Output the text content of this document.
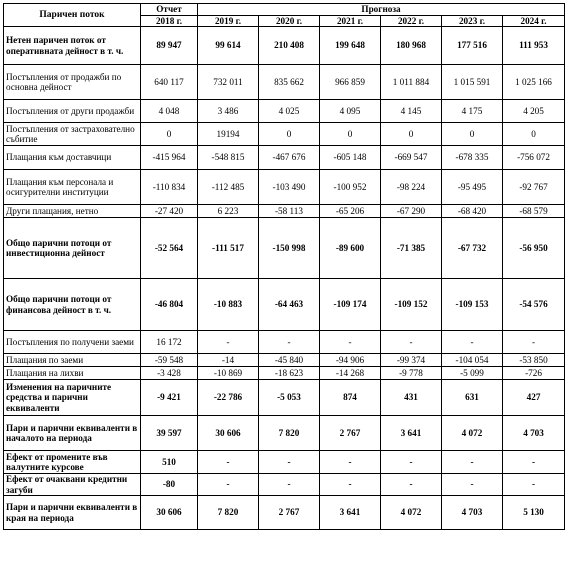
Паричен поток	Отчет	Прогноза					
	2018 г.	2019 г.	2020 г.	2021 г.	2022 г.	2023 г.	2024 г.
Нетен паричен поток от оперативната дейност в т. ч.	89 947	99 614	210 408	199 648	180 968	177 516	111 953
Постъпления от продажби по основна дейност	640 117	732 011	835 662	966 859	1 011 884	1 015 591	1 025 166
Постъпления от други продажби	4 048	3 486	4 025	4 095	4 145	4 175	4 205
Постъпления от застрахователно събитие	0	19194	0	0	0	0	0
Плащания към доставчици	-415 964	-548 815	-467 676	-605 148	-669 547	-678 335	-756 072
Плащания към персонала и осигурителни институции	-110 834	-112 485	-103 490	-100 952	-98 224	-95 495	-92 767
Други плащания, нетно	-27 420	6 223	-58 113	-65 206	-67 290	-68 420	-68 579
Общо парични потоци от инвестиционна дейност	-52 564	-111 517	-150 998	-89 600	-71 385	-67 732	-56 950
Общо парични потоци от финансова дейност в т. ч.	-46 804	-10 883	-64 463	-109 174	-109 152	-109 153	-54 576
Постъпления по получени заеми	16 172	-	-	-	-	-	-
Плащания по заеми	-59 548	-14	-45 840	-94 906	-99 374	-104 054	-53 850
Плащания на лихви	-3 428	-10 869	-18 623	-14 268	-9 778	-5 099	-726
Изменения на паричните средства и парични еквиваленти	-9 421	-22 786	-5 053	874	431	631	427
Пари и парични еквиваленти в началото на периода	39 597	30 606	7 820	2 767	3 641	4 072	4 703
Ефект от промените във валутните курсове	510	-	-	-	-	-	-
Ефект от очаквани кредитни загуби	-80	-	-	-	-	-	-
Пари и парични еквиваленти в края на периода	30 606	7 820	2 767	3 641	4 072	4 703	5 130
